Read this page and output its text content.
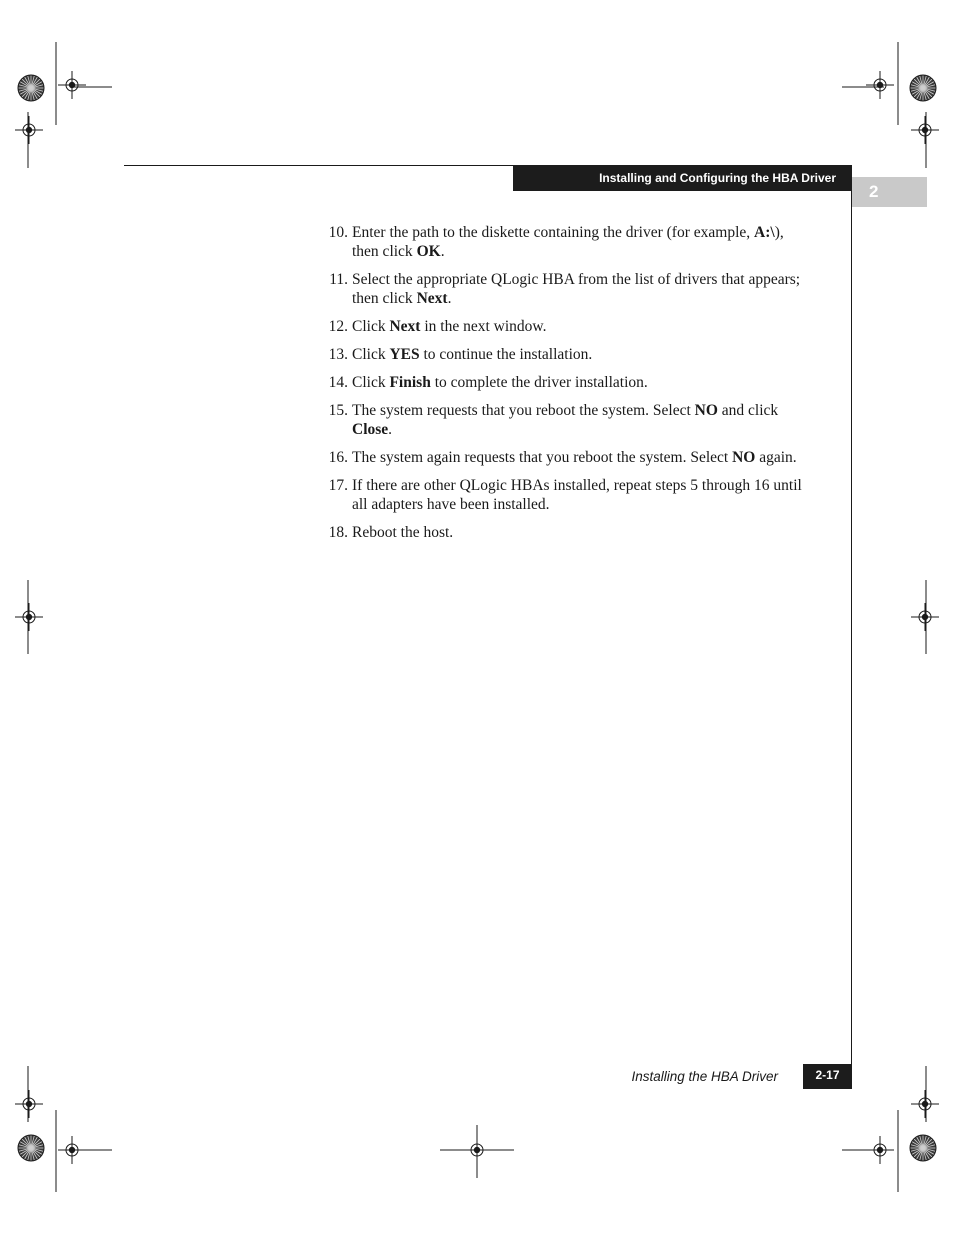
Installing and Configuring the HBA Driver
2
10. Enter the path to the diskette containing the driver (for example, A:\), then click OK.
11. Select the appropriate QLogic HBA from the list of drivers that appears; then click Next.
12. Click Next in the next window.
13. Click YES to continue the installation.
14. Click Finish to complete the driver installation.
15. The system requests that you reboot the system. Select NO and click Close.
16. The system again requests that you reboot the system. Select NO again.
17. If there are other QLogic HBAs installed, repeat steps 5 through 16 until all adapters have been installed.
18. Reboot the host.
Installing the HBA Driver	2-17
